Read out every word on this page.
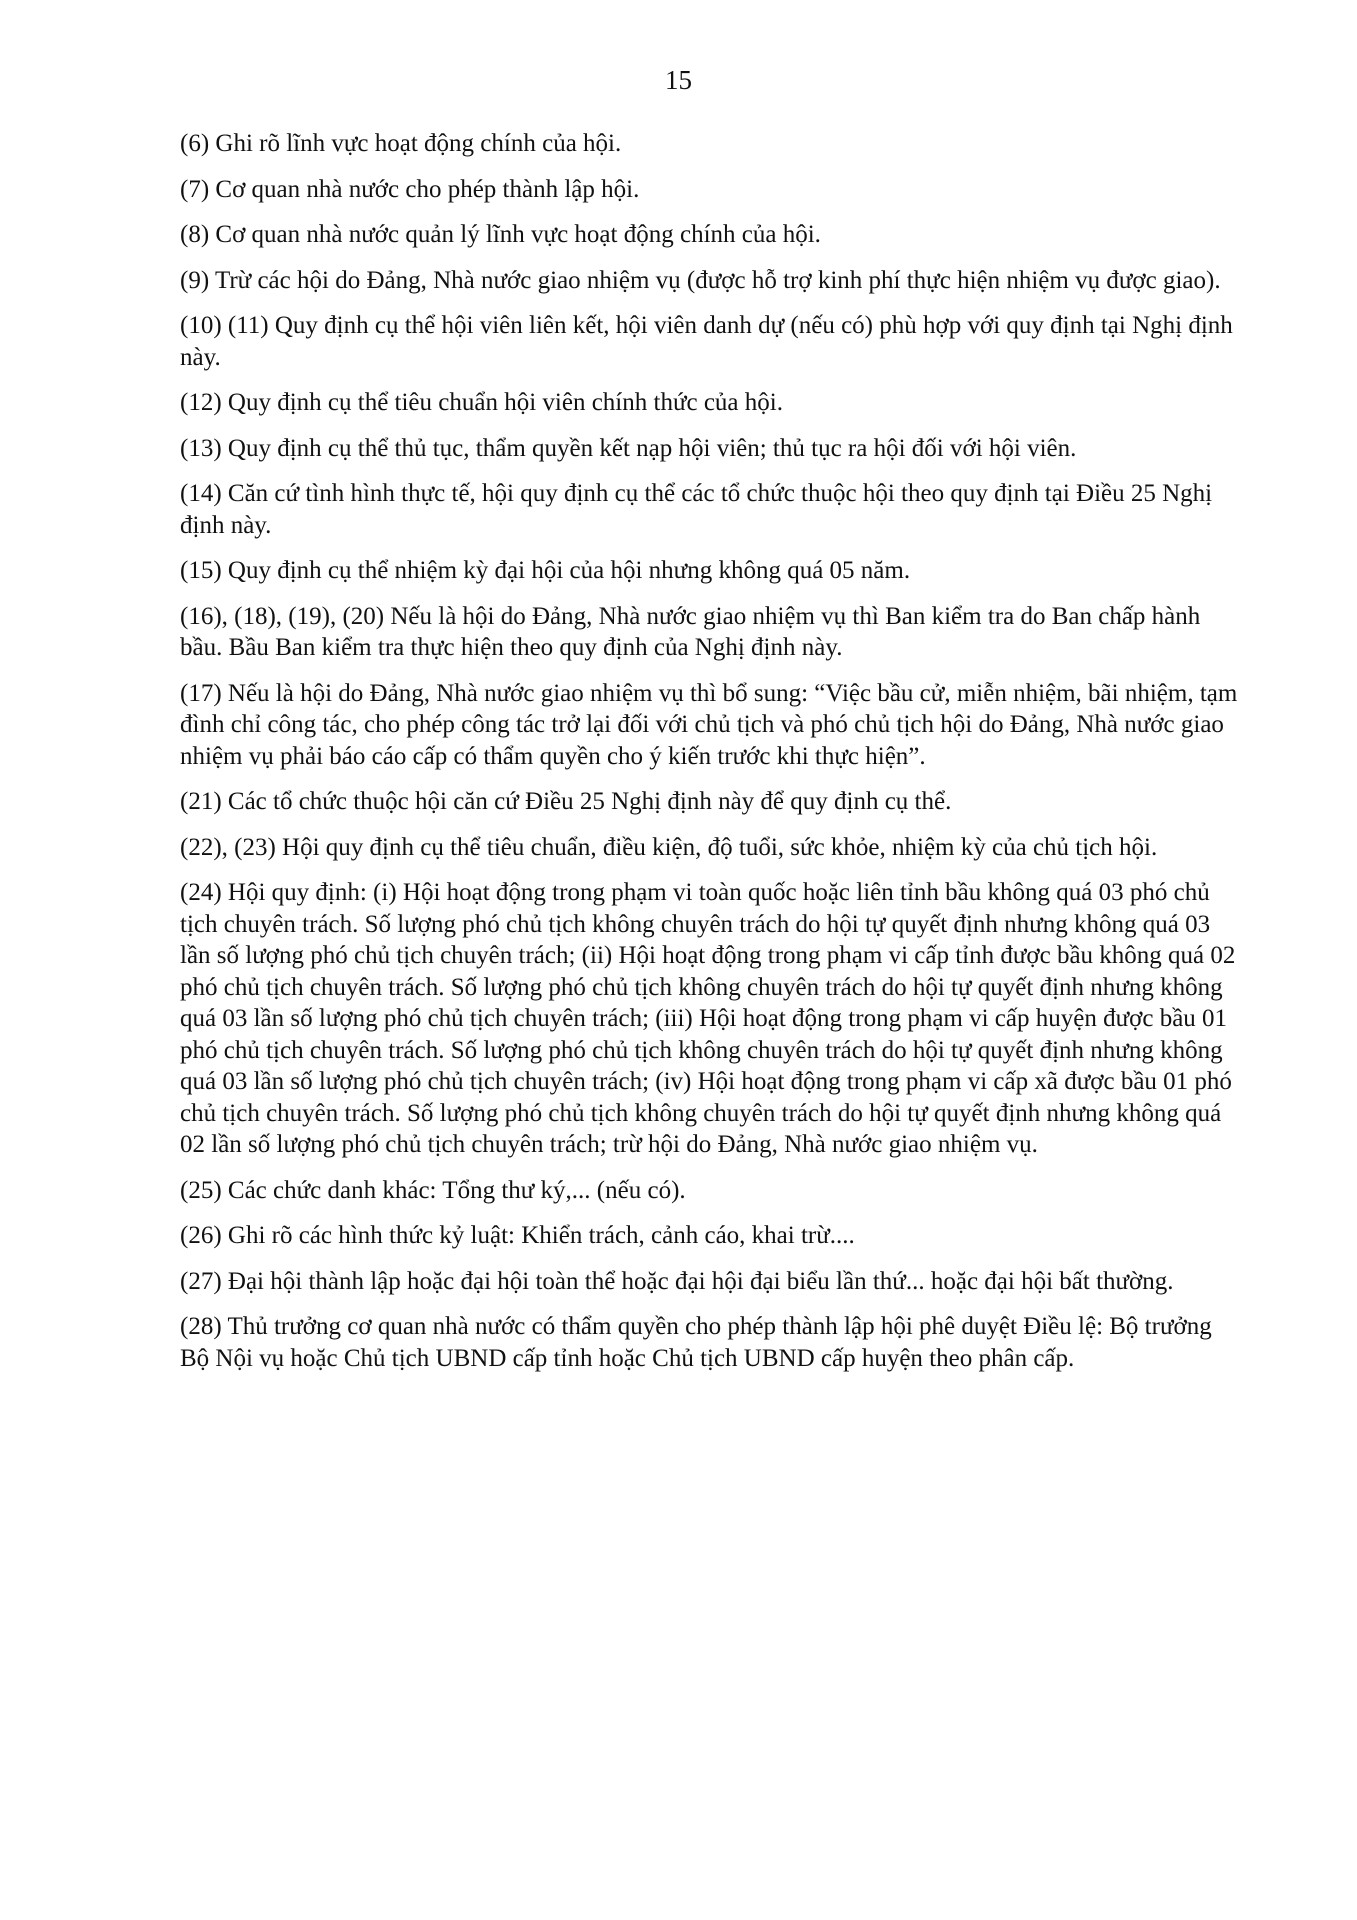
15

(6) Ghi rõ lĩnh vực hoạt động chính của hội.

(7) Cơ quan nhà nước cho phép thành lập hội.

(8) Cơ quan nhà nước quản lý lĩnh vực hoạt động chính của hội.

(9) Trừ các hội do Đảng, Nhà nước giao nhiệm vụ (được hỗ trợ kinh phí thực hiện nhiệm vụ được giao).

(10) (11) Quy định cụ thể hội viên liên kết, hội viên danh dự (nếu có) phù hợp với quy định tại Nghị định này.

(12) Quy định cụ thể tiêu chuẩn hội viên chính thức của hội.

(13) Quy định cụ thể thủ tục, thẩm quyền kết nạp hội viên; thủ tục ra hội đối với hội viên.

(14) Căn cứ tình hình thực tế, hội quy định cụ thể các tổ chức thuộc hội theo quy định tại Điều 25 Nghị định này.

(15) Quy định cụ thể nhiệm kỳ đại hội của hội nhưng không quá 05 năm.

(16), (18), (19), (20) Nếu là hội do Đảng, Nhà nước giao nhiệm vụ thì Ban kiểm tra do Ban chấp hành bầu. Bầu Ban kiểm tra thực hiện theo quy định của Nghị định này.

(17) Nếu là hội do Đảng, Nhà nước giao nhiệm vụ thì bổ sung: “Việc bầu cử, miễn nhiệm, bãi nhiệm, tạm đình chỉ công tác, cho phép công tác trở lại đối với chủ tịch và phó chủ tịch hội do Đảng, Nhà nước giao nhiệm vụ phải báo cáo cấp có thẩm quyền cho ý kiến trước khi thực hiện”.

(21) Các tổ chức thuộc hội căn cứ Điều 25 Nghị định này để quy định cụ thể.

(22), (23) Hội quy định cụ thể tiêu chuẩn, điều kiện, độ tuổi, sức khỏe, nhiệm kỳ của chủ tịch hội.

(24) Hội quy định: (i) Hội hoạt động trong phạm vi toàn quốc hoặc liên tỉnh bầu không quá 03 phó chủ tịch chuyên trách. Số lượng phó chủ tịch không chuyên trách do hội tự quyết định nhưng không quá 03 lần số lượng phó chủ tịch chuyên trách; (ii) Hội hoạt động trong phạm vi cấp tỉnh được bầu không quá 02 phó chủ tịch chuyên trách. Số lượng phó chủ tịch không chuyên trách do hội tự quyết định nhưng không quá 03 lần số lượng phó chủ tịch chuyên trách; (iii) Hội hoạt động trong phạm vi cấp huyện được bầu 01 phó chủ tịch chuyên trách. Số lượng phó chủ tịch không chuyên trách do hội tự quyết định nhưng không quá 03 lần số lượng phó chủ tịch chuyên trách; (iv) Hội hoạt động trong phạm vi cấp xã được bầu 01 phó chủ tịch chuyên trách. Số lượng phó chủ tịch không chuyên trách do hội tự quyết định nhưng không quá 02 lần số lượng phó chủ tịch chuyên trách; trừ hội do Đảng, Nhà nước giao nhiệm vụ.

(25) Các chức danh khác: Tổng thư ký,... (nếu có).

(26) Ghi rõ các hình thức kỷ luật: Khiển trách, cảnh cáo, khai trừ....

(27) Đại hội thành lập hoặc đại hội toàn thể hoặc đại hội đại biểu lần thứ... hoặc đại hội bất thường.

(28) Thủ trưởng cơ quan nhà nước có thẩm quyền cho phép thành lập hội phê duyệt Điều lệ: Bộ trưởng Bộ Nội vụ hoặc Chủ tịch UBND cấp tỉnh hoặc Chủ tịch UBND cấp huyện theo phân cấp.
